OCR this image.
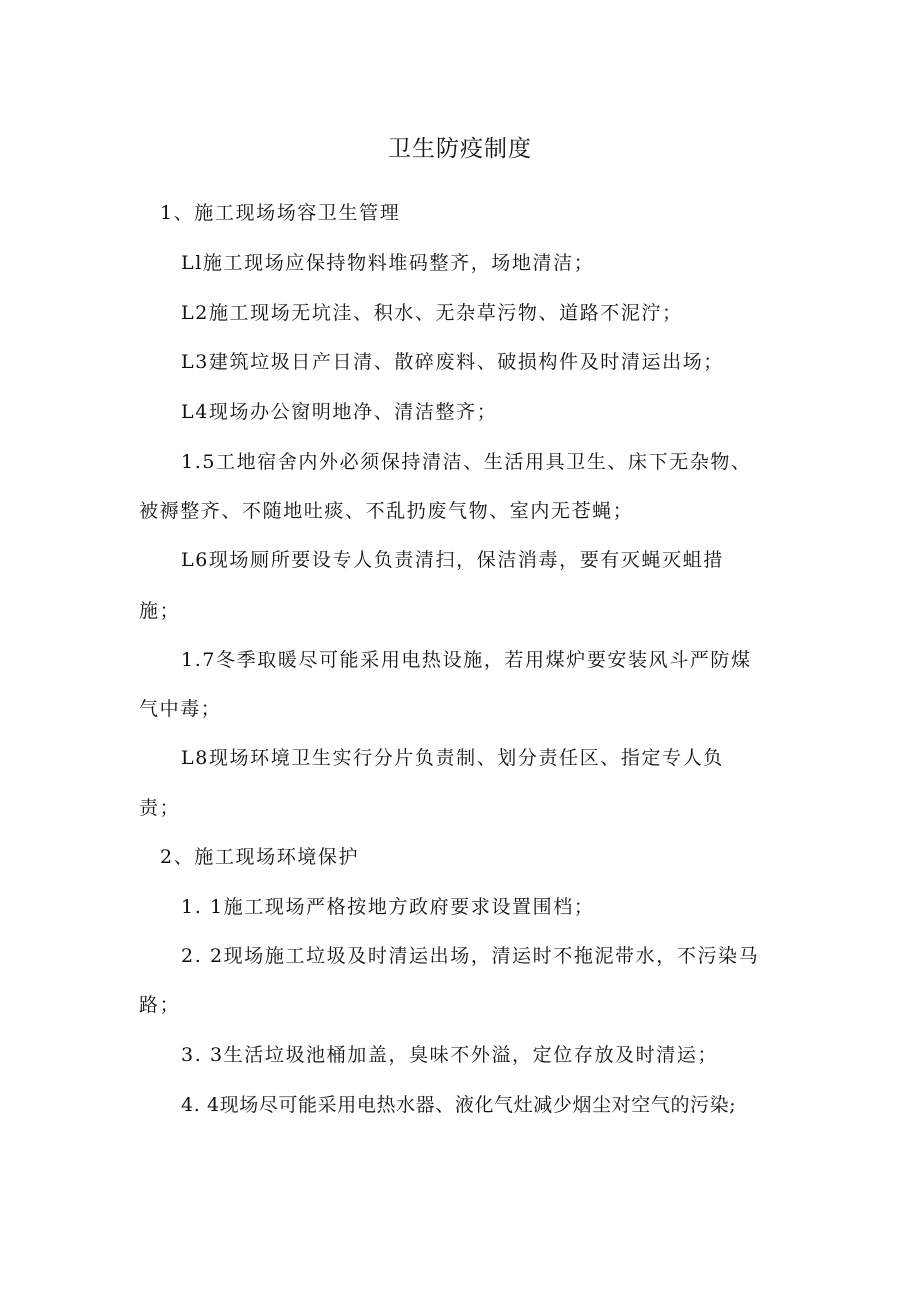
卫生防疫制度
1、施工现场场容卫生管理
Ll施工现场应保持物料堆码整齐，场地清洁；
L2施工现场无坑洼、积水、无杂草污物、道路不泥泞；
L3建筑垃圾日产日清、散碎废料、破损构件及时清运出场；
L4现场办公窗明地净、清洁整齐；
1.5工地宿舍内外必须保持清洁、生活用具卫生、床下无杂物、
被褥整齐、不随地吐痰、不乱扔废气物、室内无苍蝇；
L6现场厕所要设专人负责清扫，保洁消毒，要有灭蝇灭蛆措
施；
1.7冬季取暖尽可能采用电热设施，若用煤炉要安装风斗严防煤
气中毒；
L8现场环境卫生实行分片负责制、划分责任区、指定专人负
责；
2、施工现场环境保护
1. 1施工现场严格按地方政府要求设置围档；
2. 2现场施工垃圾及时清运出场，清运时不拖泥带水，不污染马
路；
3. 3生活垃圾池桶加盖，臭味不外溢，定位存放及时清运；
4. 4现场尽可能采用电热水器、液化气灶减少烟尘对空气的污染;
